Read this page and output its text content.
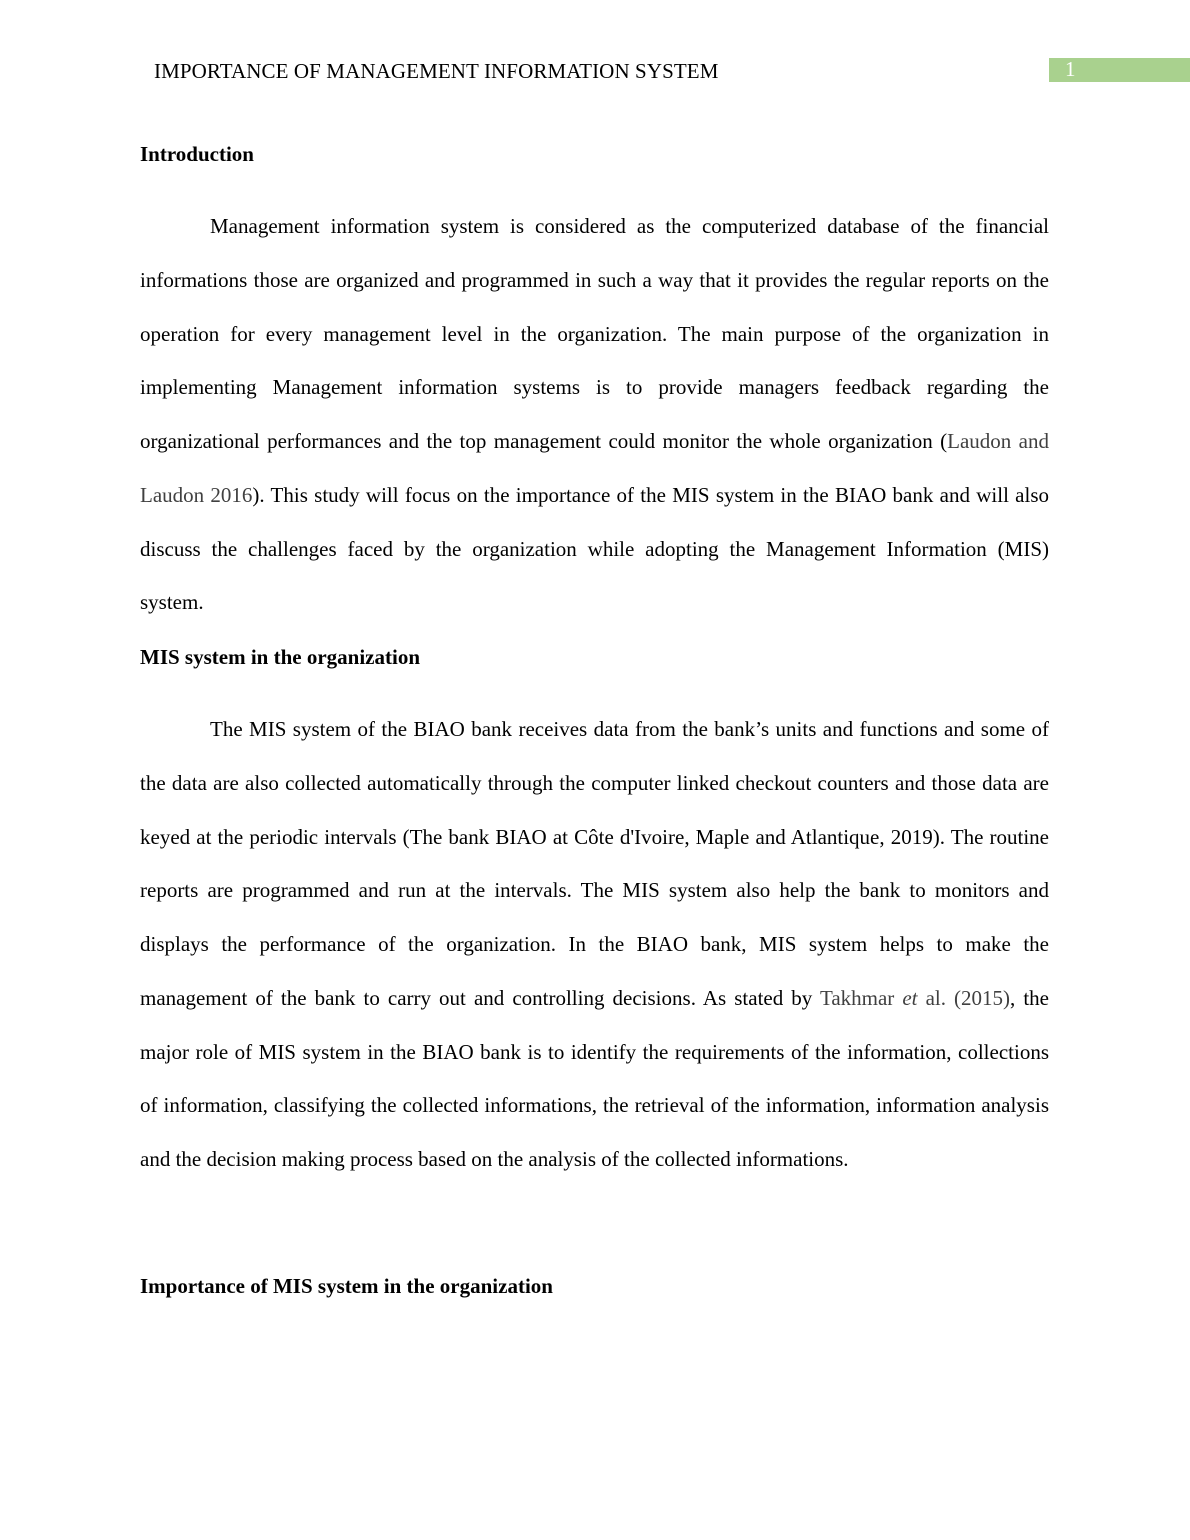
IMPORTANCE OF MANAGEMENT INFORMATION SYSTEM	1
Introduction

Management information system is considered as the computerized database of the financial informations those are organized and programmed in such a way that it provides the regular reports on the operation for every management level in the organization. The main purpose of the organization in implementing Management information systems is to provide managers feedback regarding the organizational performances and the top management could monitor the whole organization (Laudon and Laudon 2016). This study will focus on the importance of the MIS system in the BIAO bank and will also discuss the challenges faced by the organization while adopting the Management Information (MIS) system.

MIS system in the organization

The MIS system of the BIAO bank receives data from the bank’s units and functions and some of the data are also collected automatically through the computer linked checkout counters and those data are keyed at the periodic intervals (The bank BIAO at Côte d'Ivoire, Maple and Atlantique, 2019). The routine reports are programmed and run at the intervals. The MIS system also help the bank to monitors and displays the performance of the organization. In the BIAO bank, MIS system helps to make the management of the bank to carry out and controlling decisions. As stated by Takhmar et al. (2015), the major role of MIS system in the BIAO bank is to identify the requirements of the information, collections of information, classifying the collected informations, the retrieval of the information, information analysis and the decision making process based on the analysis of the collected informations.

Importance of MIS system in the organization
